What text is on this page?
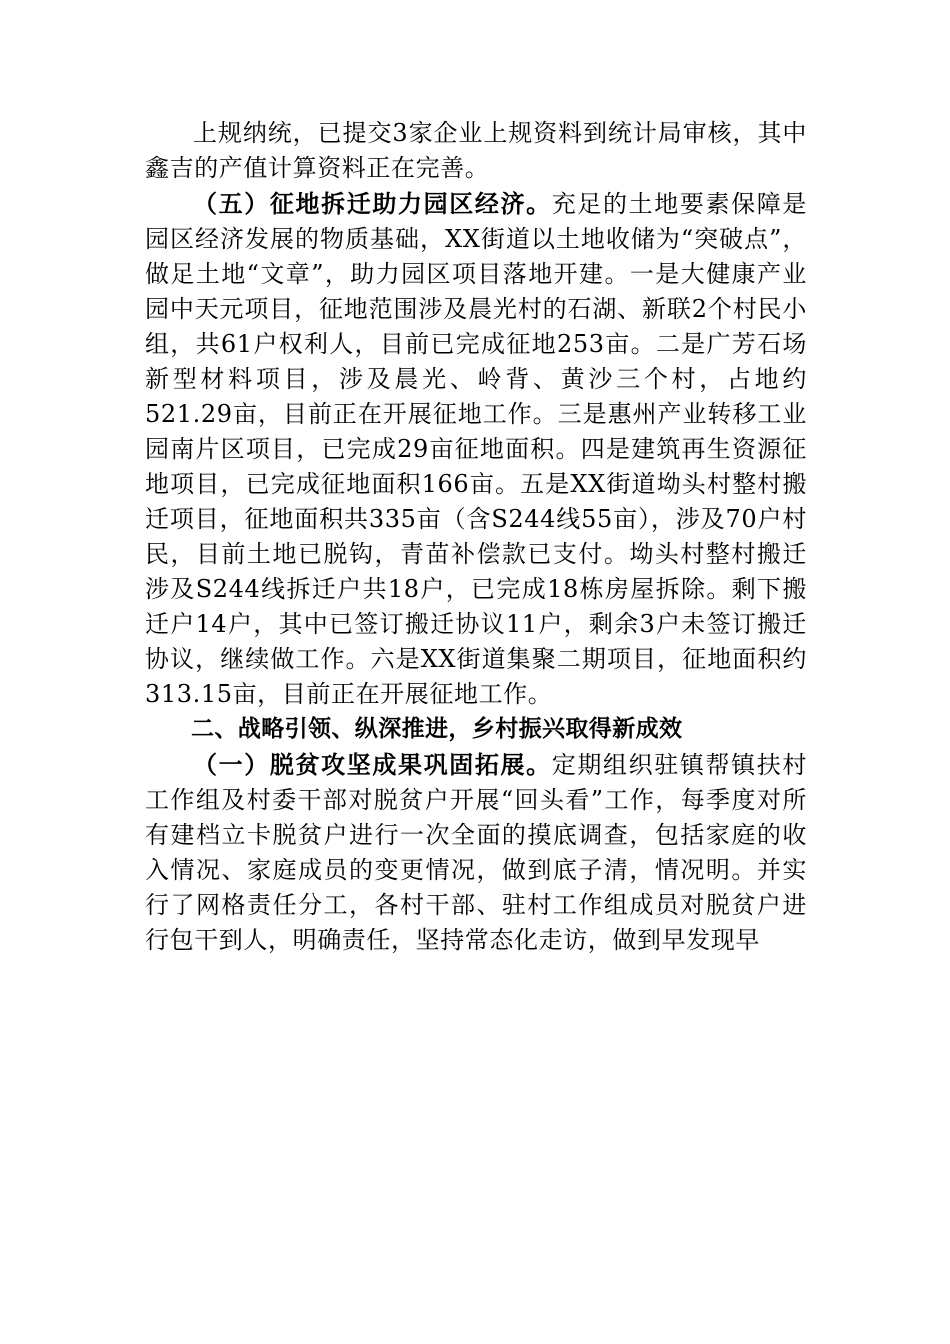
上规纳统，已提交3家企业上规资料到统计局审核，其中鑫吉的产值计算资料正在完善。

（五）征地拆迁助力园区经济。充足的土地要素保障是园区经济发展的物质基础，XX街道以土地收储为“突破点”，做足土地“文章”，助力园区项目落地开建。一是大健康产业园中天元项目，征地范围涉及晨光村的石湖、新联2个村民小组，共61户权利人，目前已完成征地253亩。二是广芳石场新型材料项目，涉及晨光、岭背、黄沙三个村，占地约521.29亩，目前正在开展征地工作。三是惠州产业转移工业园南片区项目，已完成29亩征地面积。四是建筑再生资源征地项目，已完成征地面积166亩。五是XX街道坳头村整村搬迁项目，征地面积共335亩（含S244线55亩），涉及70户村民，目前土地已脱钩，青苗补偿款已支付。坳头村整村搬迁涉及S244线拆迁户共18户，已完成18栋房屋拆除。剩下搬迁户14户，其中已签订搬迁协议11户，剩余3户未签订搬迁协议，继续做工作。六是XX街道集聚二期项目，征地面积约313.15亩，目前正在开展征地工作。

二、战略引领、纵深推进，乡村振兴取得新成效

（一）脱贫攻坚成果巩固拓展。定期组织驻镇帮镇扶村工作组及村委干部对脱贫户开展“回头看”工作，每季度对所有建档立卡脱贫户进行一次全面的摸底调查，包括家庭的收入情况、家庭成员的变更情况，做到底子清，情况明。并实行了网格责任分工，各村干部、驻村工作组成员对脱贫户进行包干到人，明确责任，坚持常态化走访，做到早发现早
